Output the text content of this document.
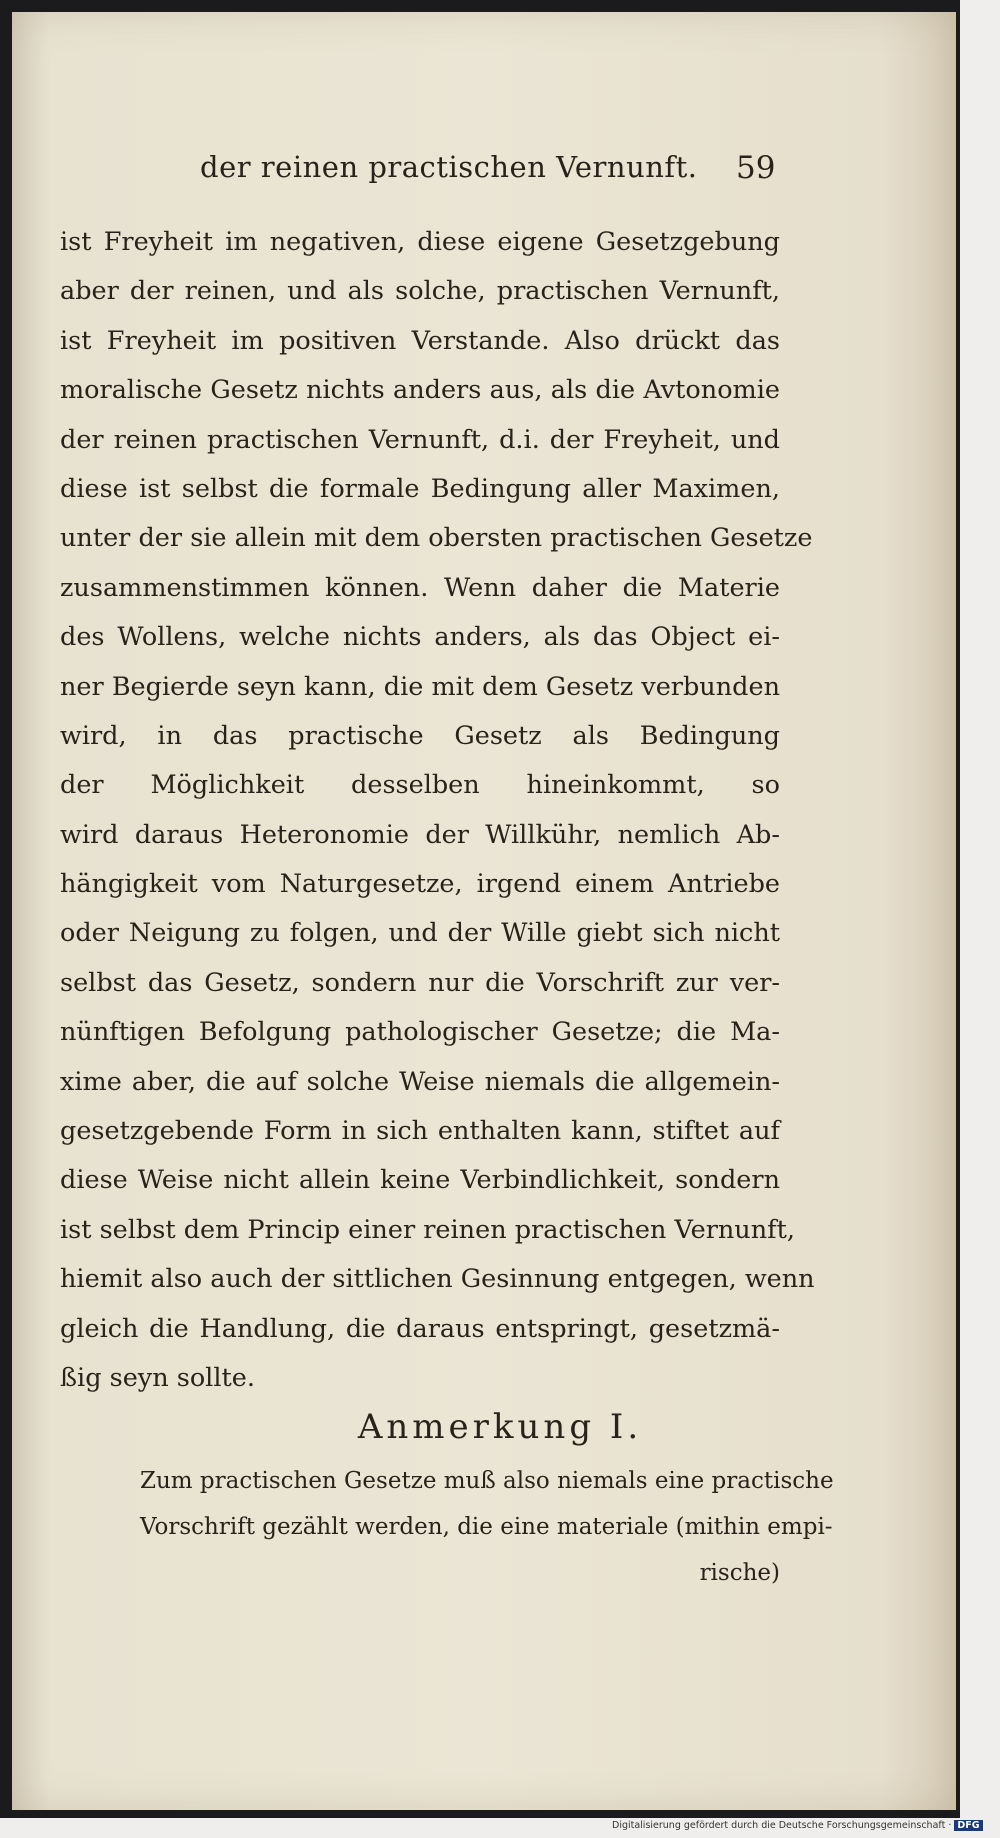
der reinen practischen Vernunft. 59
ist Freyheit im negativen, diese eigene Gesetzgebung
aber der reinen, und als solche, practischen Vernunft,
ist Freyheit im positiven Verstande. Also drückt das
moralische Gesetz nichts anders aus, als die Avtonomie
der reinen practischen Vernunft, d.i. der Freyheit, und
diese ist selbst die formale Bedingung aller Maximen,
unter der sie allein mit dem obersten practischen Gesetze
zusammenstimmen können. Wenn daher die Materie
des Wollens, welche nichts anders, als das Object ei-
ner Begierde seyn kann, die mit dem Gesetz verbunden
wird, in das practische Gesetz als Bedingung
der Möglichkeit desselben hineinkommt, so
wird daraus Heteronomie der Willkühr, nemlich Ab-
hängigkeit vom Naturgesetze, irgend einem Antriebe
oder Neigung zu folgen, und der Wille giebt sich nicht
selbst das Gesetz, sondern nur die Vorschrift zur ver-
nünftigen Befolgung pathologischer Gesetze; die Ma-
xime aber, die auf solche Weise niemals die allgemein-
gesetzgebende Form in sich enthalten kann, stiftet auf
diese Weise nicht allein keine Verbindlichkeit, sondern
ist selbst dem Princip einer reinen practischen Vernunft,
hiemit also auch der sittlichen Gesinnung entgegen, wenn
gleich die Handlung, die daraus entspringt, gesetzmä-
ßig seyn sollte.
Anmerkung I.
Zum practischen Gesetze muß also niemals eine practische
Vorschrift gezählt werden, die eine materiale (mithin empi-
rische)
Digitalisierung gefördert durch die Deutsche Forschungsgemeinschaft · DFG
